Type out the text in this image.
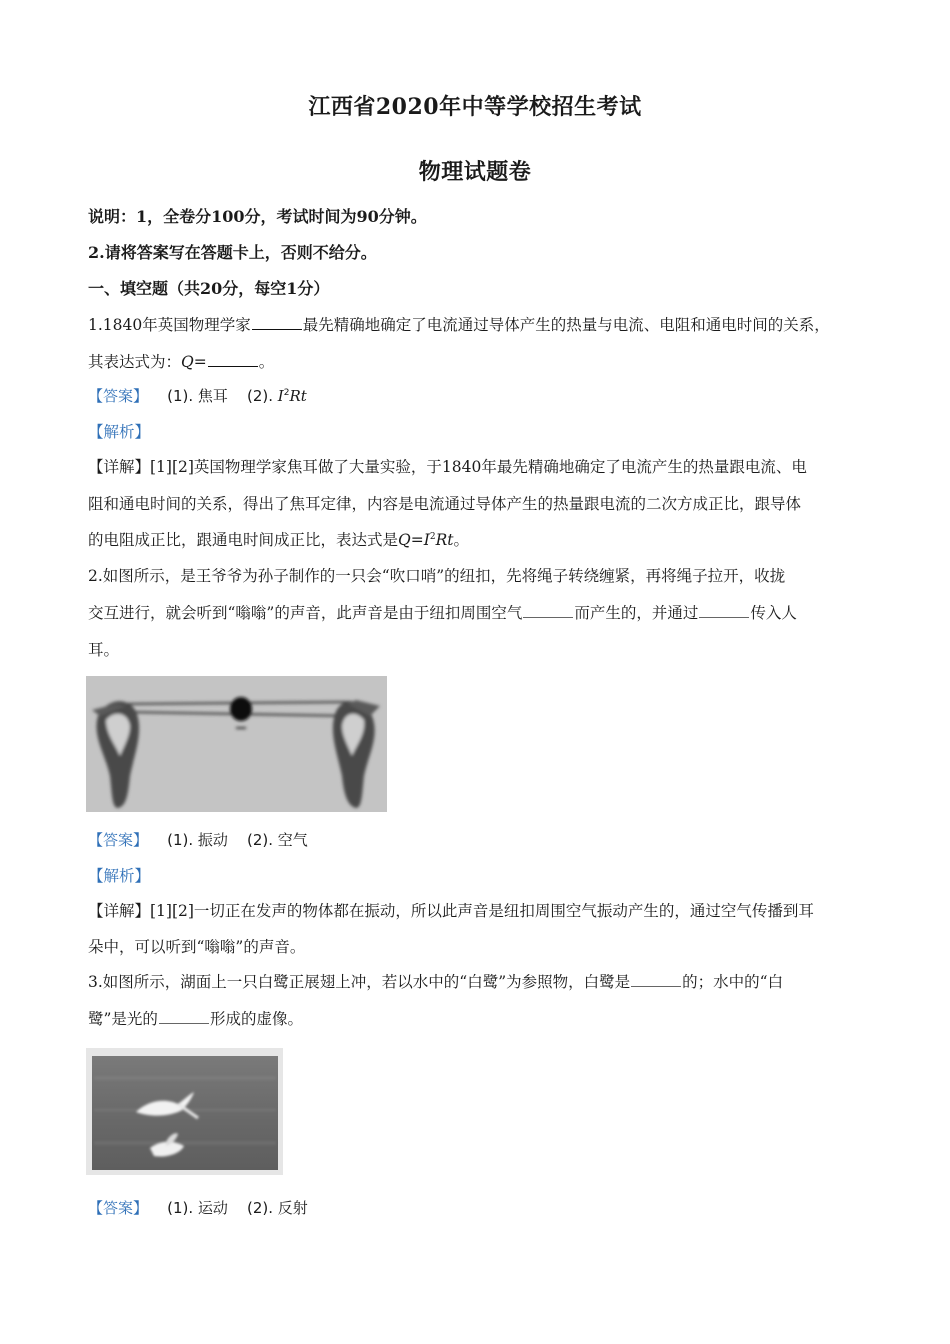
江西省2020年中等学校招生考试
物理试题卷
说明：1，全卷分100分，考试时间为90分钟。
2.请将答案写在答题卡上，否则不给分。
一、填空题（共20分，每空1分）
1.1840年英国物理学家	最先精确地确定了电流通过导体产生的热量与电流、电阻和通电时间的关系，
其表达式为：Q=	。
【答案】 (1). 焦耳 (2). $I^2Rt$
【解析】
【详解】[1][2]英国物理学家焦耳做了大量实验，于1840年最先精确地确定了电流产生的热量跟电流、电
阻和通电时间的关系，得出了焦耳定律，内容是电流通过导体产生的热量跟电流的二次方成正比，跟导体
的电阻成正比，跟通电时间成正比，表达式是$Q=I^2Rt$。
2.如图所示，是王爷爷为孙子制作的一只会“吹口哨”的纽扣，先将绳子转绕缠紧，再将绳子拉开，收拢
交互进行，就会听到“嗡嗡”的声音，此声音是由于纽扣周围空气	而产生的，并通过	传入人
耳。
【答案】 (1). 振动 (2). 空气
【解析】
【详解】[1][2]一切正在发声的物体都在振动，所以此声音是纽扣周围空气振动产生的，通过空气传播到耳
朵中，可以听到“嗡嗡”的声音。
3.如图所示，湖面上一只白鹭正展翅上冲，若以水中的“白鹭”为参照物，白鹭是	的；水中的“白
鹭”是光的	形成的虚像。
【答案】 (1). 运动 (2). 反射
